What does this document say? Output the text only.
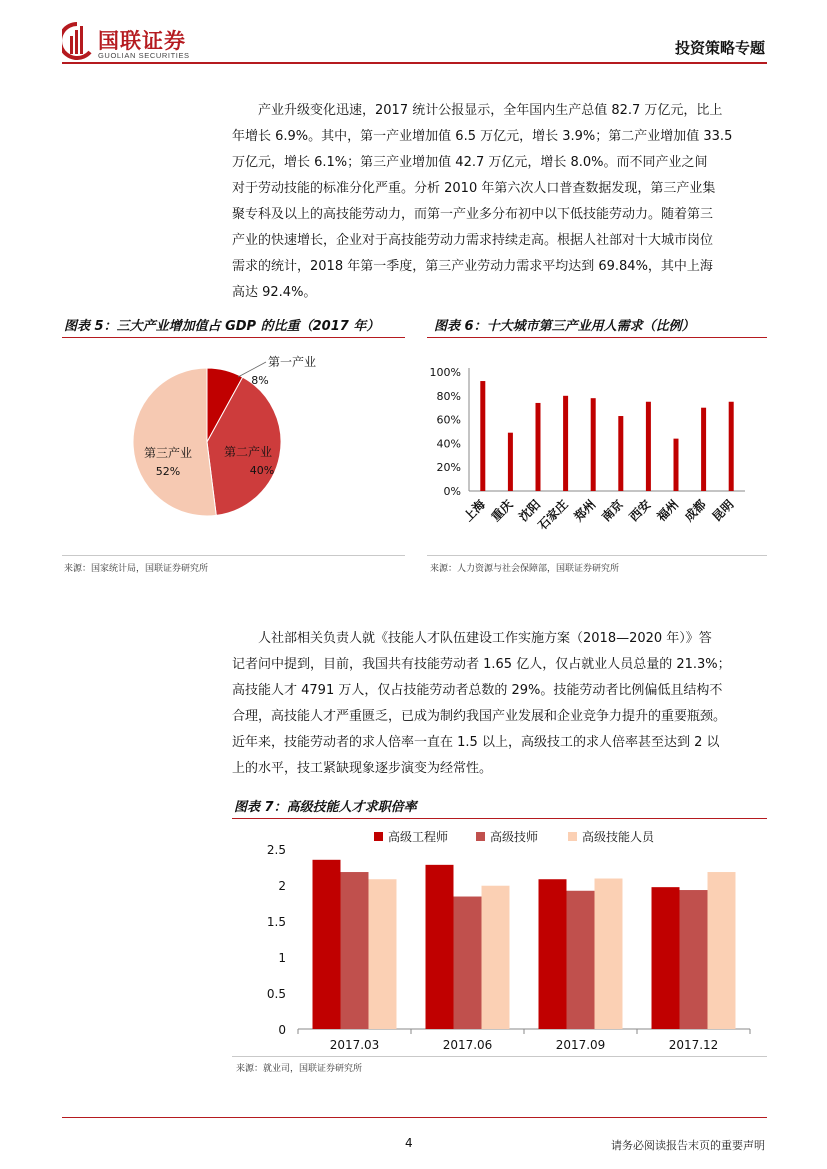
国联证券
GUOLIAN SECURITIES	投资策略专题

产业升级变化迅速，2017 统计公报显示，全年国内生产总值 82.7 万亿元，比上

年增长 6.9%。其中，第一产业增加值 6.5 万亿元，增长 3.9%；第二产业增加值 33.5

万亿元，增长 6.1%；第三产业增加值 42.7 万亿元，增长 8.0%。而不同产业之间

对于劳动技能的标准分化严重。分析 2010 年第六次人口普查数据发现，第三产业集

聚专科及以上的高技能劳动力，而第一产业多分布初中以下低技能劳动力。随着第三

产业的快速增长，企业对于高技能劳动力需求持续走高。根据人社部对十大城市岗位

需求的统计，2018 年第一季度，第三产业劳动力需求平均达到 69.84%，其中上海

高达 92.4%。

图表 5：三大产业增加值占 GDP 的比重（2017 年）	图表 6：十大城市第三产业用人需求（比例）
第一产业
8%
第二产业
40%
第三产业
52%
0%
20%
40%
60%
80%
100%
上海 重庆 沈阳
石家庄 郑州 南京 西安 福州 成都 昆明
来源：国家统计局，国联证券研究所	来源：人力资源与社会保障部，国联证券研究所

人社部相关负责人就《技能人才队伍建设工作实施方案（2018—2020 年）》答

记者问中提到，目前，我国共有技能劳动者 1.65 亿人，仅占就业人员总量的 21.3%；

高技能人才 4791 万人，仅占技能劳动者总数的 29%。技能劳动者比例偏低且结构不

合理，高技能人才严重匮乏，已成为制约我国产业发展和企业竞争力提升的重要瓶颈。

近年来，技能劳动者的求人倍率一直在 1.5 以上，高级技工的求人倍率甚至达到 2 以

上的水平，技工紧缺现象逐步演变为经常性。

图表 7：高级技能人才求职倍率
0
0.5
1
1.5
2
2.5
2017.03	2017.06	2017.09	2017.12
高级工程师	高级技师	高级技能人员
来源：就业司，国联证券研究所
4	请务必阅读报告末页的重要声明
